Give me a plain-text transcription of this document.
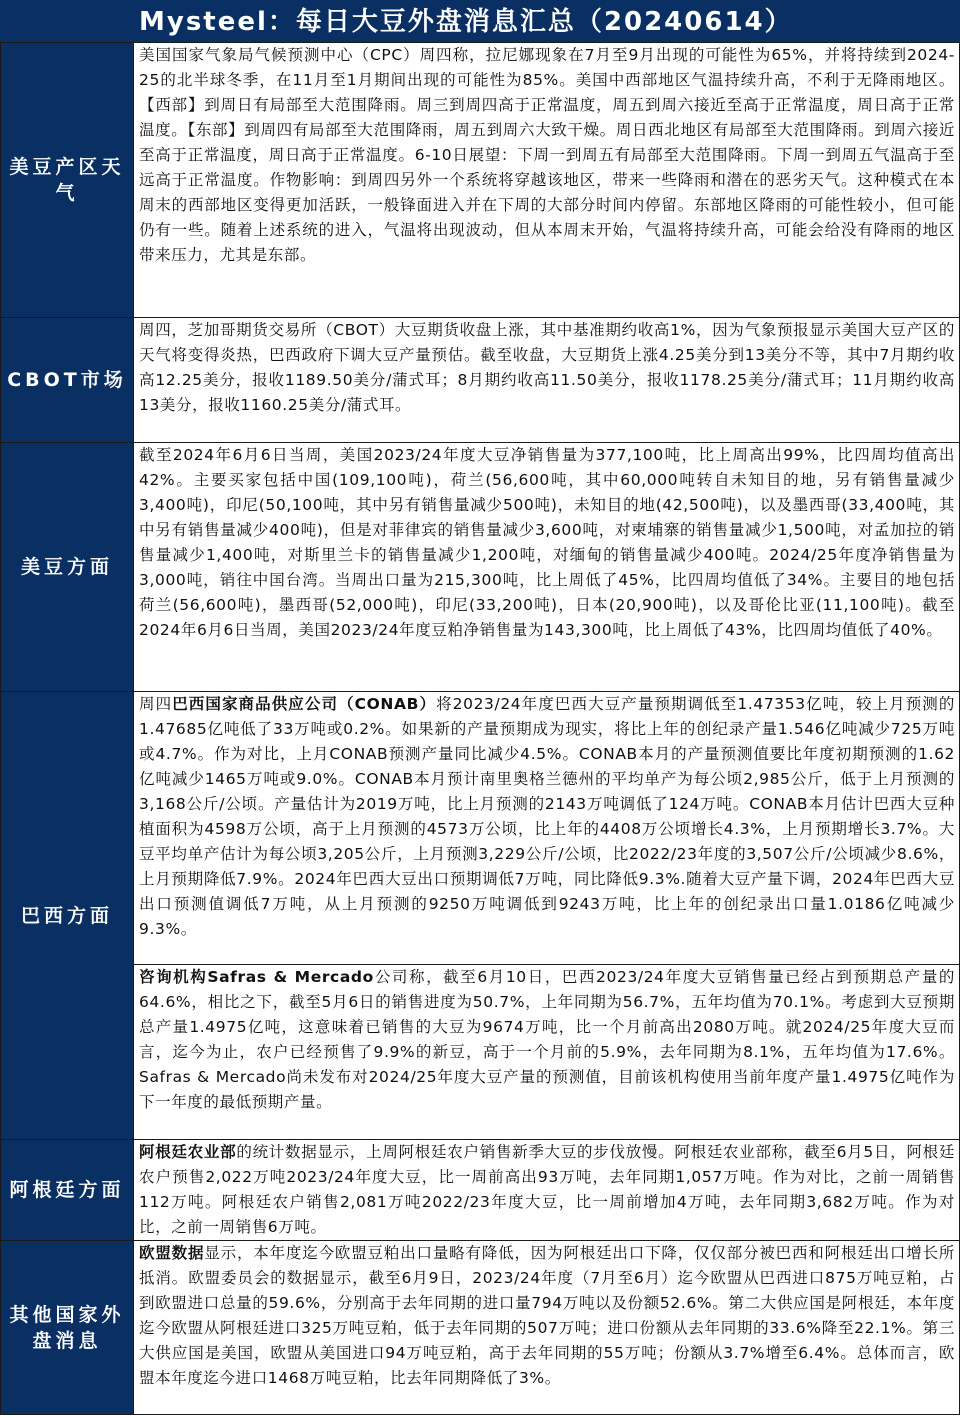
Mysteel：每日大豆外盘消息汇总（20240614）
美豆产区天气	美国国家气象局气候预测中心（CPC）周四称，拉尼娜现象在7月至9月出现的可能性为65%，并将持续到2024-25的北半球冬季，在11月至1月期间出现的可能性为85%。美国中西部地区气温持续升高，不利于无降雨地区。【西部】到周日有局部至大范围降雨。周三到周四高于正常温度，周五到周六接近至高于正常温度，周日高于正常温度。【东部】到周四有局部至大范围降雨，周五到周六大致干燥。周日西北地区有局部至大范围降雨。到周六接近至高于正常温度，周日高于正常温度。6-10日展望：下周一到周五有局部至大范围降雨。下周一到周五气温高于至远高于正常温度。作物影响：到周四另外一个系统将穿越该地区，带来一些降雨和潜在的恶劣天气。这种模式在本周末的西部地区变得更加活跃，一般锋面进入并在下周的大部分时间内停留。东部地区降雨的可能性较小，但可能仍有一些。随着上述系统的进入，气温将出现波动，但从本周末开始，气温将持续升高，可能会给没有降雨的地区带来压力，尤其是东部。
CBOT市场	周四，芝加哥期货交易所（CBOT）大豆期货收盘上涨，其中基准期约收高1%，因为气象预报显示美国大豆产区的天气将变得炎热，巴西政府下调大豆产量预估。截至收盘，大豆期货上涨4.25美分到13美分不等，其中7月期约收高12.25美分，报收1189.50美分/蒲式耳；8月期约收高11.50美分，报收1178.25美分/蒲式耳；11月期约收高13美分，报收1160.25美分/蒲式耳。
美豆方面	截至2024年6月6日当周，美国2023/24年度大豆净销售量为377,100吨，比上周高出99%，比四周均值高出42%。主要买家包括中国(109,100吨)，荷兰(56,600吨，其中60,000吨转自未知目的地，另有销售量减少3,400吨)，印尼(50,100吨，其中另有销售量减少500吨)，未知目的地(42,500吨)，以及墨西哥(33,400吨，其中另有销售量减少400吨)，但是对菲律宾的销售量减少3,600吨，对柬埔寨的销售量减少1,500吨，对孟加拉的销售量减少1,400吨，对斯里兰卡的销售量减少1,200吨，对缅甸的销售量减少400吨。2024/25年度净销售量为3,000吨，销往中国台湾。当周出口量为215,300吨，比上周低了45%，比四周均值低了34%。主要目的地包括荷兰(56,600吨)，墨西哥(52,000吨)，印尼(33,200吨)，日本(20,900吨)，以及哥伦比亚(11,100吨)。截至2024年6月6日当周，美国2023/24年度豆粕净销售量为143,300吨，比上周低了43%，比四周均值低了40%。
巴西方面	周四巴西国家商品供应公司（CONAB）将2023/24年度巴西大豆产量预期调低至1.47353亿吨，较上月预测的1.47685亿吨低了33万吨或0.2%。如果新的产量预期成为现实，将比上年的创纪录产量1.546亿吨减少725万吨或4.7%。作为对比，上月CONAB预测产量同比减少4.5%。CONAB本月的产量预测值要比年度初期预测的1.62亿吨减少1465万吨或9.0%。CONAB本月预计南里奥格兰德州的平均单产为每公顷2,985公斤，低于上月预测的3,168公斤/公顷。产量估计为2019万吨，比上月预测的2143万吨调低了124万吨。CONAB本月估计巴西大豆种植面积为4598万公顷，高于上月预测的4573万公顷，比上年的4408万公顷增长4.3%，上月预期增长3.7%。大豆平均单产估计为每公顷3,205公斤，上月预测3,229公斤/公顷，比2022/23年度的3,507公斤/公顷减少8.6%，上月预期降低7.9%。2024年巴西大豆出口预期调低7万吨，同比降低9.3%.随着大豆产量下调，2024年巴西大豆出口预测值调低7万吨，从上月预测的9250万吨调低到9243万吨，比上年的创纪录出口量1.0186亿吨减少9.3%。
	咨询机构Safras & Mercado公司称，截至6月10日，巴西2023/24年度大豆销售量已经占到预期总产量的64.6%，相比之下，截至5月6日的销售进度为50.7%，上年同期为56.7%，五年均值为70.1%。考虑到大豆预期总产量1.4975亿吨，这意味着已销售的大豆为9674万吨，比一个月前高出2080万吨。就2024/25年度大豆而言，迄今为止，农户已经预售了9.9%的新豆，高于一个月前的5.9%，去年同期为8.1%，五年均值为17.6%。Safras & Mercado尚未发布对2024/25年度大豆产量的预测值，目前该机构使用当前年度产量1.4975亿吨作为下一年度的最低预期产量。
阿根廷方面	阿根廷农业部的统计数据显示，上周阿根廷农户销售新季大豆的步伐放慢。阿根廷农业部称，截至6月5日，阿根廷农户预售2,022万吨2023/24年度大豆，比一周前高出93万吨，去年同期1,057万吨。作为对比，之前一周销售112万吨。阿根廷农户销售2,081万吨2022/23年度大豆，比一周前增加4万吨，去年同期3,682万吨。作为对比，之前一周销售6万吨。
其他国家外盘消息	欧盟数据显示，本年度迄今欧盟豆粕出口量略有降低，因为阿根廷出口下降，仅仅部分被巴西和阿根廷出口增长所抵消。欧盟委员会的数据显示，截至6月9日，2023/24年度（7月至6月）迄今欧盟从巴西进口875万吨豆粕，占到欧盟进口总量的59.6%，分别高于去年同期的进口量794万吨以及份额52.6%。第二大供应国是阿根廷，本年度迄今欧盟从阿根廷进口325万吨豆粕，低于去年同期的507万吨；进口份额从去年同期的33.6%降至22.1%。第三大供应国是美国，欧盟从美国进口94万吨豆粕，高于去年同期的55万吨；份额从3.7%增至6.4%。总体而言，欧盟本年度迄今进口1468万吨豆粕，比去年同期降低了3%。
